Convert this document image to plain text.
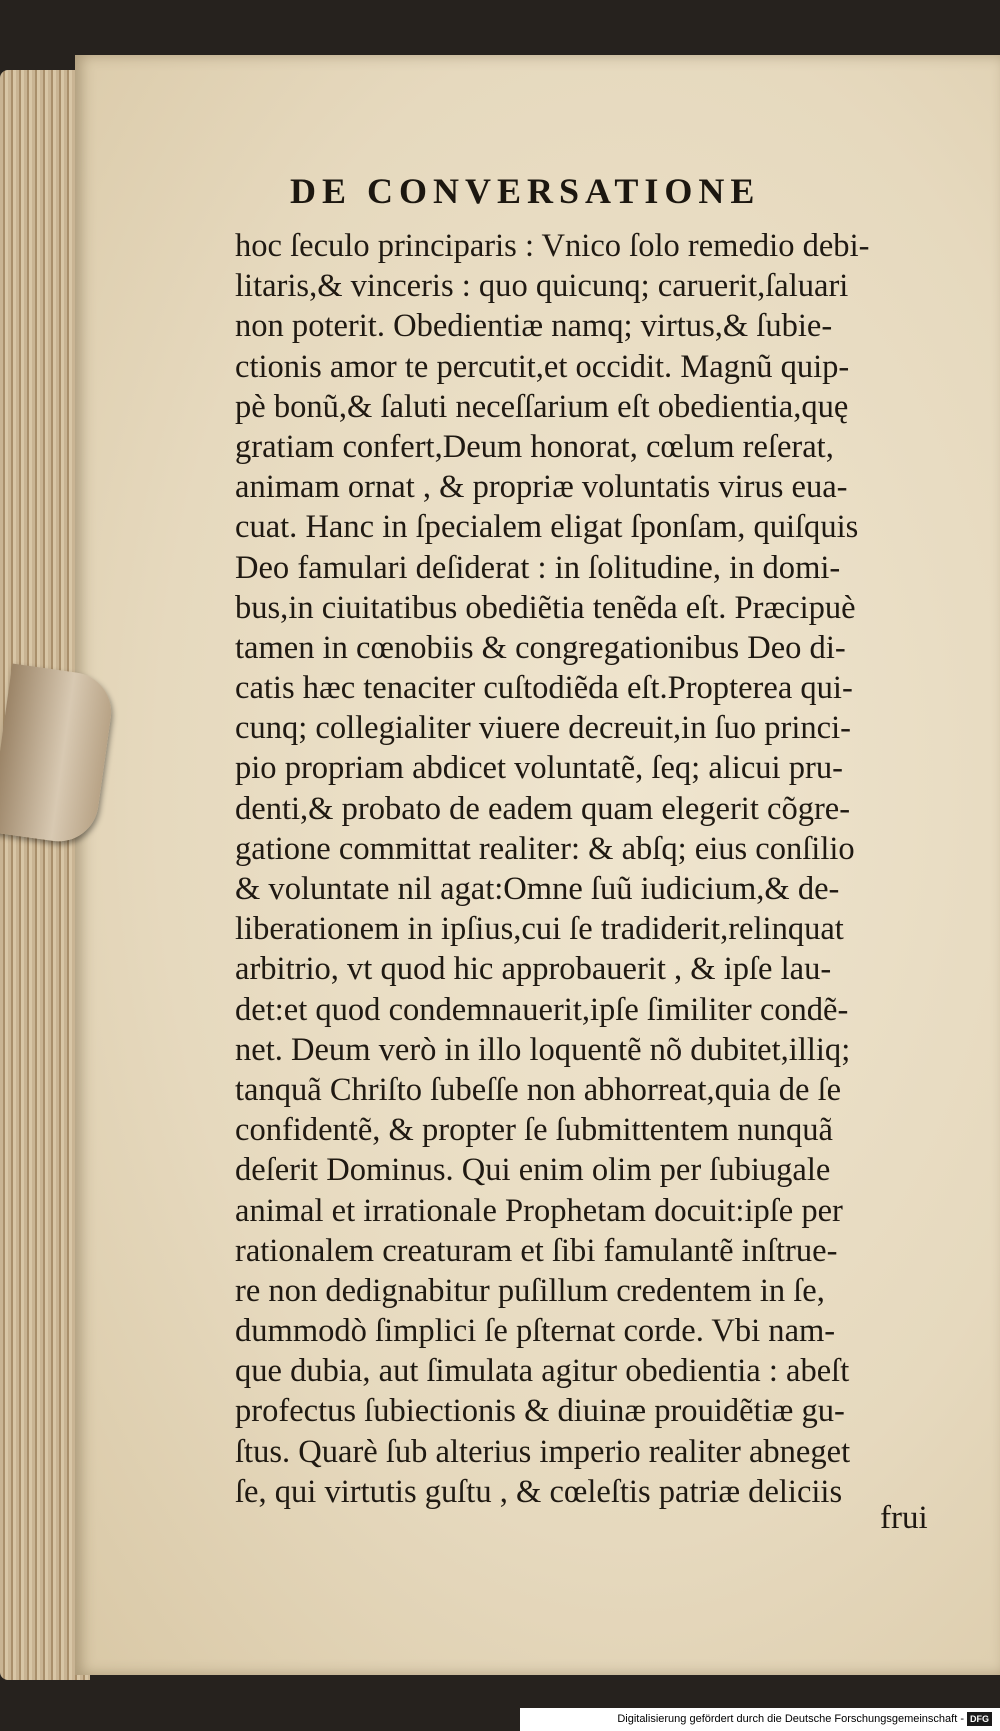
DE CONVERSATIONE
hoc ſeculo principaris : Vnico ſolo remedio debi-
litaris,& vinceris : quo quicunq; caruerit,ſaluari
non poterit. Obedientiæ namq; virtus,& ſubie-
ctionis amor te percutit,et occidit. Magnũ quip-
pè bonũ,& ſaluti neceſſarium eſt obedientia,quę
gratiam confert,Deum honorat, cœlum reſerat,
animam ornat , & propriæ voluntatis virus eua-
cuat. Hanc in ſpecialem eligat ſponſam, quiſquis
Deo famulari deſiderat : in ſolitudine, in domi-
bus,in ciuitatibus obediẽtia tenẽda eſt. Præcipuè
tamen in cœnobiis & congregationibus Deo di-
catis hæc tenaciter cuſtodiẽda eſt.Propterea qui-
cunq; collegialiter viuere decreuit,in ſuo princi-
pio propriam abdicet voluntatẽ, ſeq; alicui pru-
denti,& probato de eadem quam elegerit cõgre-
gatione committat realiter: & abſq; eius conſilio
& voluntate nil agat:Omne ſuũ iudicium,& de-
liberationem in ipſius,cui ſe tradiderit,relinquat
arbitrio, vt quod hic approbauerit , & ipſe lau-
det:et quod condemnauerit,ipſe ſimiliter condẽ-
net. Deum verò in illo loquentẽ nõ dubitet,illiq;
tanquã Chriſto ſubeſſe non abhorreat,quia de ſe
confidentẽ, & propter ſe ſubmittentem nunquã
deſerit Dominus. Qui enim olim per ſubiugale
animal et irrationale Prophetam docuit:ipſe per
rationalem creaturam et ſibi famulantẽ inſtrue-
re non dedignabitur puſillum credentem in ſe,
dummodò ſimplici ſe pſternat corde. Vbi nam-
que dubia, aut ſimulata agitur obedientia : abeſt
profectus ſubiectionis & diuinæ prouidẽtiæ gu-
ſtus. Quarè ſub alterius imperio realiter abneget
ſe, qui virtutis guſtu , & cœleſtis patriæ deliciis
frui
Digitalisierung gefördert durch die Deutsche Forschungsgemeinschaft - DFG
